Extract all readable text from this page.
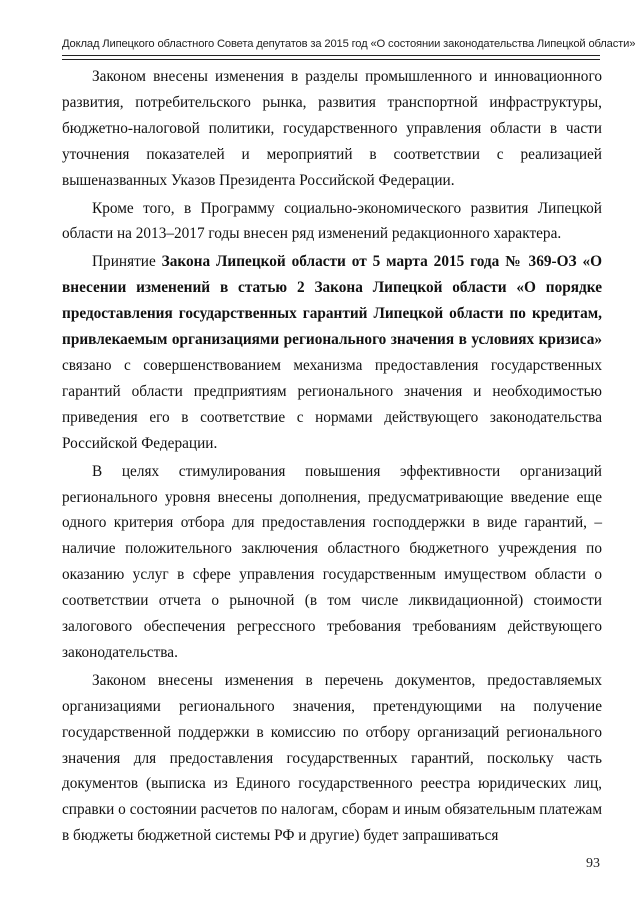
Доклад Липецкого областного Совета депутатов за 2015 год «О состоянии законодательства Липецкой области»

Законом внесены изменения в разделы промышленного и инновационного развития, потребительского рынка, развития транспортной инфраструктуры, бюджетно-налоговой политики, государственного управления области в части уточнения показателей и мероприятий в соответствии с реализацией вышеназванных Указов Президента Российской Федерации.

Кроме того, в Программу социально-экономического развития Липецкой области на 2013–2017 годы внесен ряд изменений редакционного характера.

Принятие Закона Липецкой области от 5 марта 2015 года № 369-ОЗ «О внесении изменений в статью 2 Закона Липецкой области «О порядке предоставления государственных гарантий Липецкой области по кредитам, привлекаемым организациями регионального значения в условиях кризиса» связано с совершенствованием механизма предоставления государственных гарантий области предприятиям регионального значения и необходимостью приведения его в соответствие с нормами действующего законодательства Российской Федерации.

В целях стимулирования повышения эффективности организаций регионального уровня внесены дополнения, предусматривающие введение еще одного критерия отбора для предоставления господдержки в виде гарантий, – наличие положительного заключения областного бюджетного учреждения по оказанию услуг в сфере управления государственным имуществом области о соответствии отчета о рыночной (в том числе ликвидационной) стоимости залогового обеспечения регрессного требования требованиям действующего законодательства.

Законом внесены изменения в перечень документов, предоставляемых организациями регионального значения, претендующими на получение государственной поддержки в комиссию по отбору организаций регионального значения для предоставления государственных гарантий, поскольку часть документов (выписка из Единого государственного реестра юридических лиц, справки о состоянии расчетов по налогам, сборам и иным обязательным платежам в бюджеты бюджетной системы РФ и другие) будет запрашиваться

93
